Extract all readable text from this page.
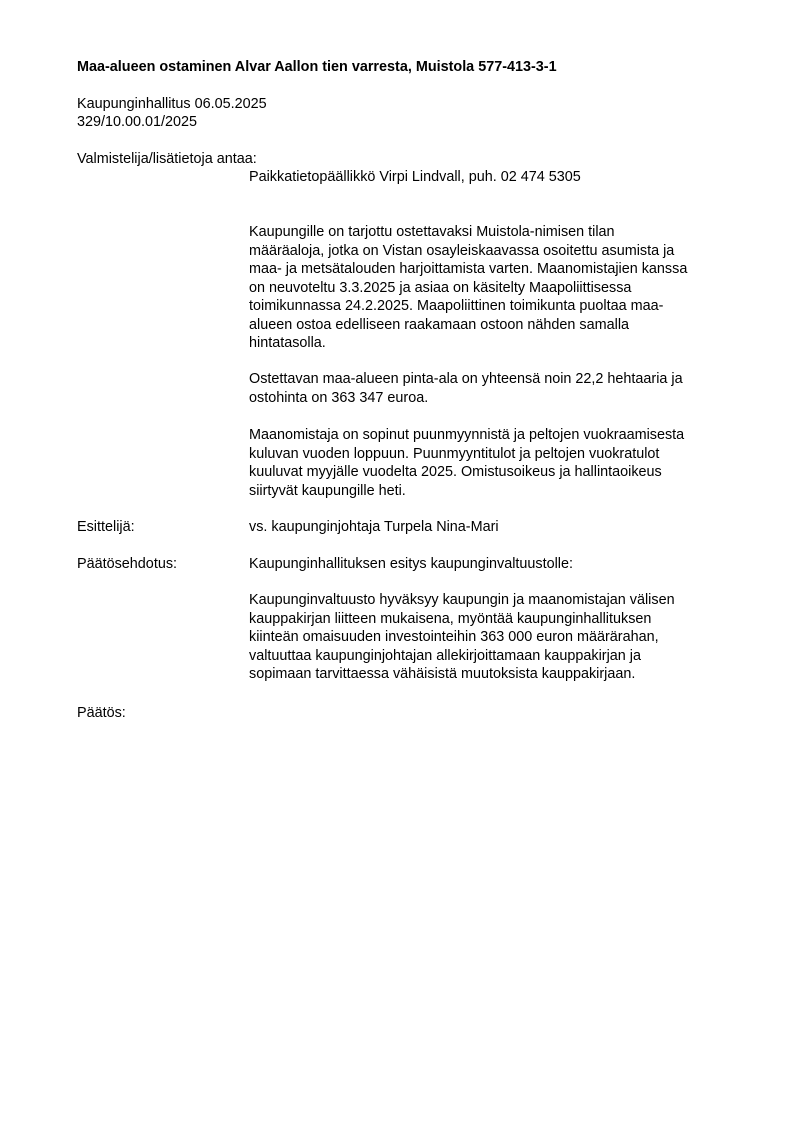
Maa-alueen ostaminen Alvar Aallon tien varresta, Muistola 577-413-3-1
Kaupunginhallitus 06.05.2025
329/10.00.01/2025
Valmistelija/lisätietoja antaa:
Paikkatietopäällikkö Virpi Lindvall, puh. 02 474 5305
Kaupungille on tarjottu ostettavaksi Muistola-nimisen tilan
määräaloja, jotka on Vistan osayleiskaavassa osoitettu asumista ja
maa- ja metsätalouden harjoittamista varten. Maanomistajien kanssa
on neuvoteltu 3.3.2025 ja asiaa on käsitelty Maapoliittisessa
toimikunnassa 24.2.2025. Maapoliittinen toimikunta puoltaa maa-
alueen ostoa edelliseen raakamaan ostoon nähden samalla
hintatasolla.
Ostettavan maa-alueen pinta-ala on yhteensä noin 22,2 hehtaaria ja
ostohinta on 363 347 euroa.
Maanomistaja on sopinut puunmyynnistä ja peltojen vuokraamisesta
kuluvan vuoden loppuun. Puunmyyntitulot ja peltojen vuokratulot
kuuluvat myyjälle vuodelta 2025. Omistusoikeus ja hallintaoikeus
siirtyvät kaupungille heti.
Esittelijä:	vs. kaupunginjohtaja Turpela Nina-Mari
Päätösehdotus:	Kaupunginhallituksen esitys kaupunginvaltuustolle:
Kaupunginvaltuusto hyväksyy kaupungin ja maanomistajan välisen
kauppakirjan liitteen mukaisena, myöntää kaupunginhallituksen
kiinteän omaisuuden investointeihin 363 000 euron määrärahan,
valtuuttaa kaupunginjohtajan allekirjoittamaan kauppakirjan ja
sopimaan tarvittaessa vähäisistä muutoksista kauppakirjaan.
Päätös:
